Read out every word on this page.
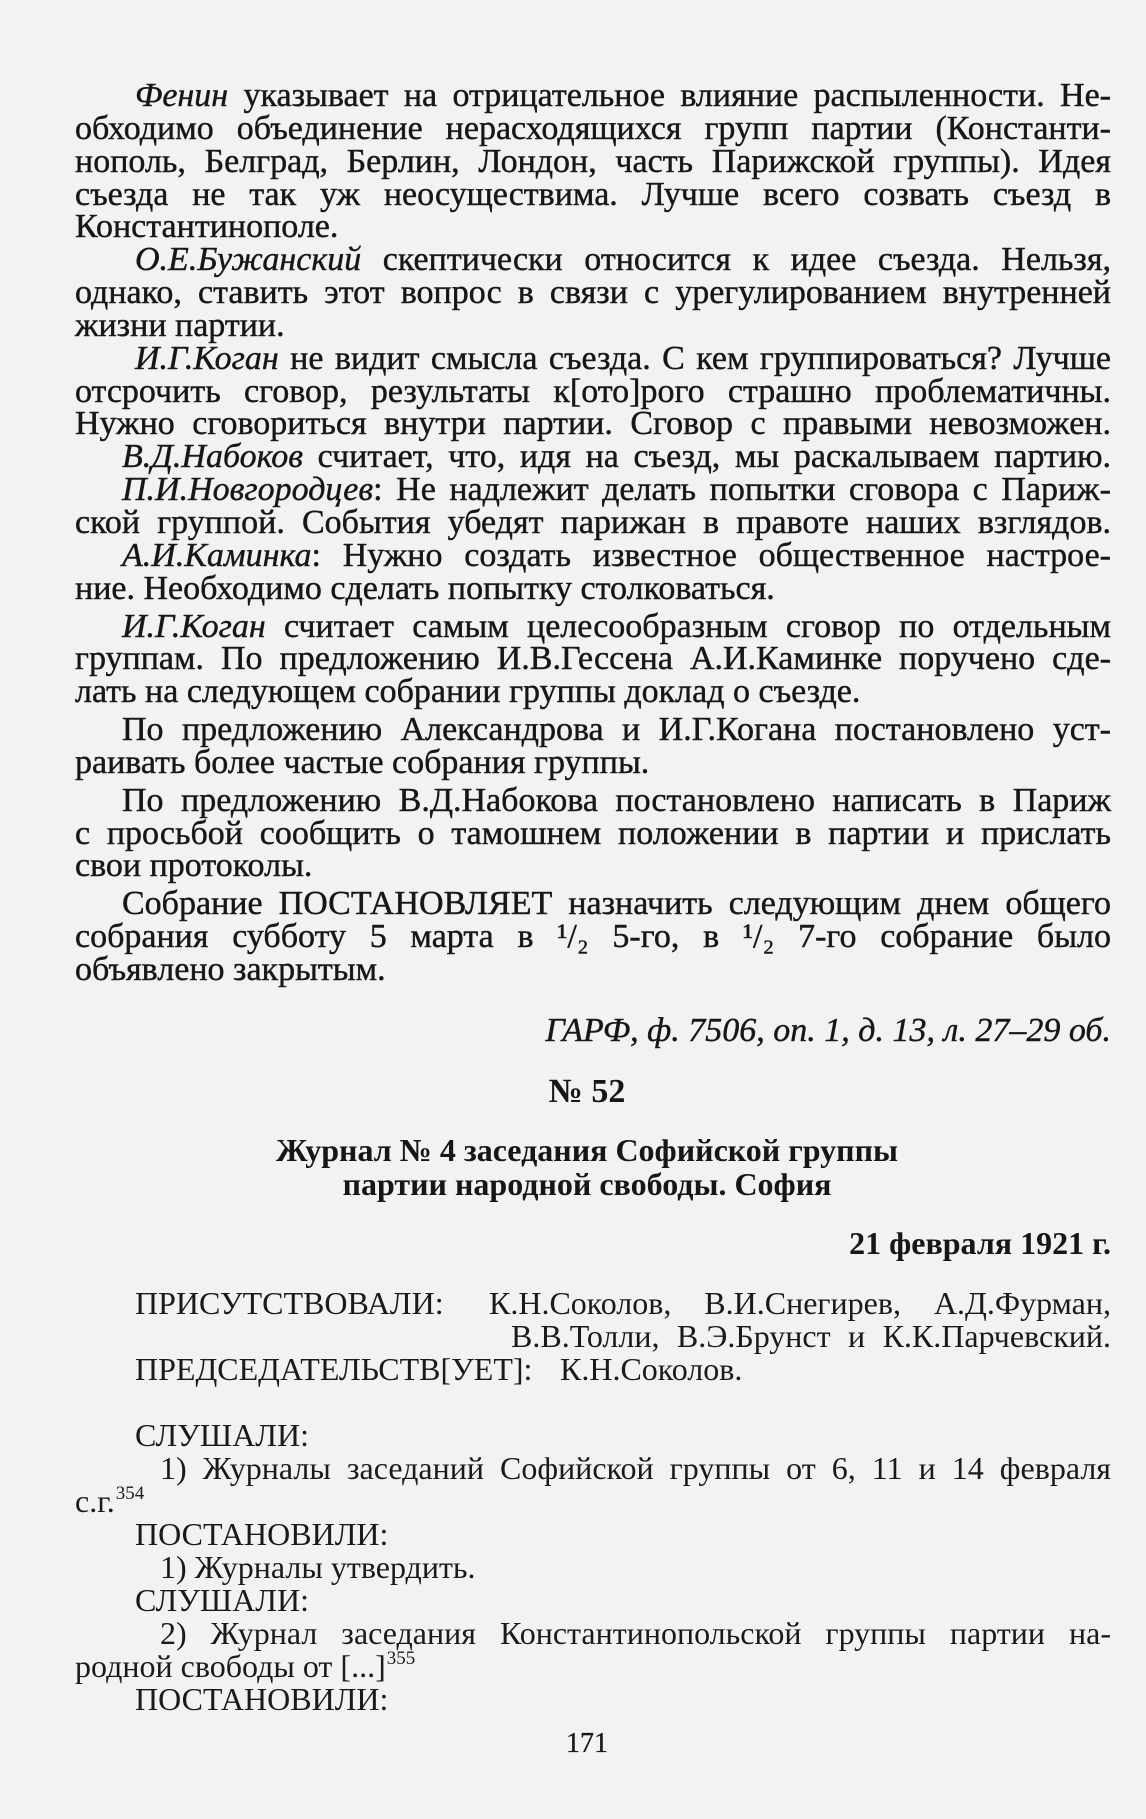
Фенин указывает на отрицательное влияние распыленности. Не-
обходимо объединение нерасходящихся групп партии (Константи-
нополь, Белград, Берлин, Лондон, часть Парижской группы). Идея
съезда не так уж неосуществима. Лучше всего созвать съезд в
Константинополе.
О.Е.Бужанский скептически относится к идее съезда. Нельзя,
однако, ставить этот вопрос в связи с урегулированием внутренней
жизни партии.
И.Г.Коган не видит смысла съезда. С кем группироваться? Лучше
отсрочить сговор, результаты к[ото]рого страшно проблематичны.
Нужно сговориться внутри партии. Сговор с правыми невозможен.
В.Д.Набоков считает, что, идя на съезд, мы раскалываем партию.
П.И.Новгородцев: Не надлежит делать попытки сговора с Париж-
ской группой. События убедят парижан в правоте наших взглядов.
А.И.Каминка: Нужно создать известное общественное настрое-
ние. Необходимо сделать попытку столковаться.
И.Г.Коган считает самым целесообразным сговор по отдельным
группам. По предложению И.В.Гессена А.И.Каминке поручено сде-
лать на следующем собрании группы доклад о съезде.
По предложению Александрова и И.Г.Когана постановлено уст-
раивать более частые собрания группы.
По предложению В.Д.Набокова постановлено написать в Париж
с просьбой сообщить о тамошнем положении в партии и прислать
свои протоколы.
Собрание ПОСТАНОВЛЯЕТ назначить следующим днем общего
собрания субботу 5 марта в ¹/₂ 5-го, в ¹/₂ 7-го собрание было
объявлено закрытым.
ГАРФ, ф. 7506, оп. 1, д. 13, л. 27–29 об.
№ 52
Журнал № 4 заседания Софийской группы
партии народной свободы. София
21 февраля 1921 г.
ПРИСУТСТВОВАЛИ: К.Н.Соколов, В.И.Снегирев, А.Д.Фурман,
В.В.Толли, В.Э.Брунст и К.К.Парчевский.
ПРЕДСЕДАТЕЛЬСТВ[УЕТ]: К.Н.Соколов.
СЛУШАЛИ:
1) Журналы заседаний Софийской группы от 6, 11 и 14 февраля
с.г.$^{354}$
ПОСТАНОВИЛИ:
1) Журналы утвердить.
СЛУШАЛИ:
2) Журнал заседания Константинопольской группы партии на-
родной свободы от [...]$^{355}$
ПОСТАНОВИЛИ:
171
